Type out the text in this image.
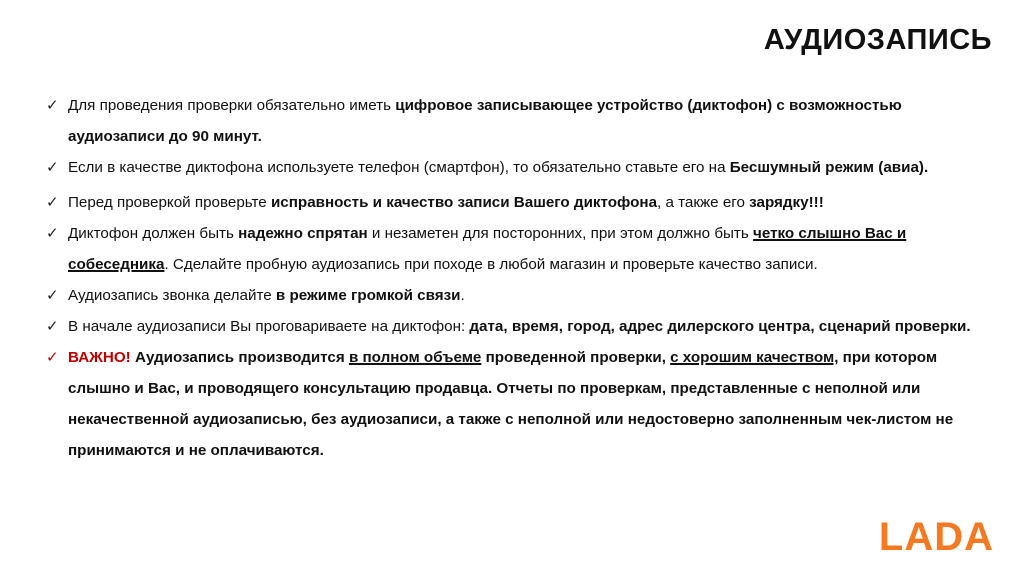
АУДИОЗАПИСЬ
✓ Для проведения проверки обязательно иметь цифровое записывающее устройство (диктофон) с возможностью аудиозаписи до 90 минут.
✓ Если в качестве диктофона используете телефон (смартфон), то обязательно ставьте его на Бесшумный режим (авиа).
✓ Перед проверкой проверьте исправность и качество записи Вашего диктофона, а также его зарядку!!!
✓ Диктофон должен быть надежно спрятан и незаметен для посторонних, при этом должно быть четко слышно Вас и собеседника. Сделайте пробную аудиозапись при походе в любой магазин и проверьте качество записи.
✓ Аудиозапись звонка делайте в режиме громкой связи.
✓ В начале аудиозаписи Вы проговариваете на диктофон: дата, время, город, адрес дилерского центра, сценарий проверки.
✓ ВАЖНО! Аудиозапись производится в полном объеме проведенной проверки, с хорошим качеством, при котором слышно и Вас, и проводящего консультацию продавца. Отчеты по проверкам, представленные с неполной или некачественной аудиозаписью, без аудиозаписи, а также с неполной или недостоверно заполненным чек-листом не принимаются и не оплачиваются.
LADA
